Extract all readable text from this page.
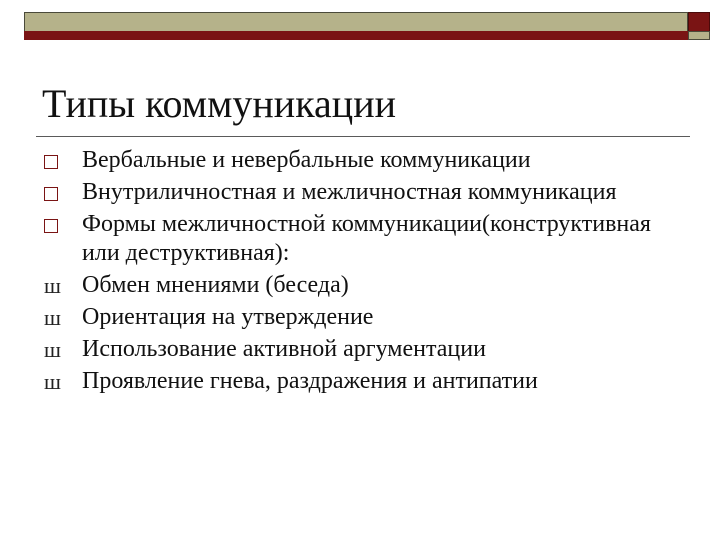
Типы коммуникации
Вербальные и невербальные коммуникации
Внутриличностная и межличностная коммуникация
Формы межличностной коммуникации(конструктивная или деструктивная):
ш Обмен мнениями (беседа)
ш Ориентация на утверждение
ш Использование активной аргументации
ш Проявление гнева, раздражения и антипатии
